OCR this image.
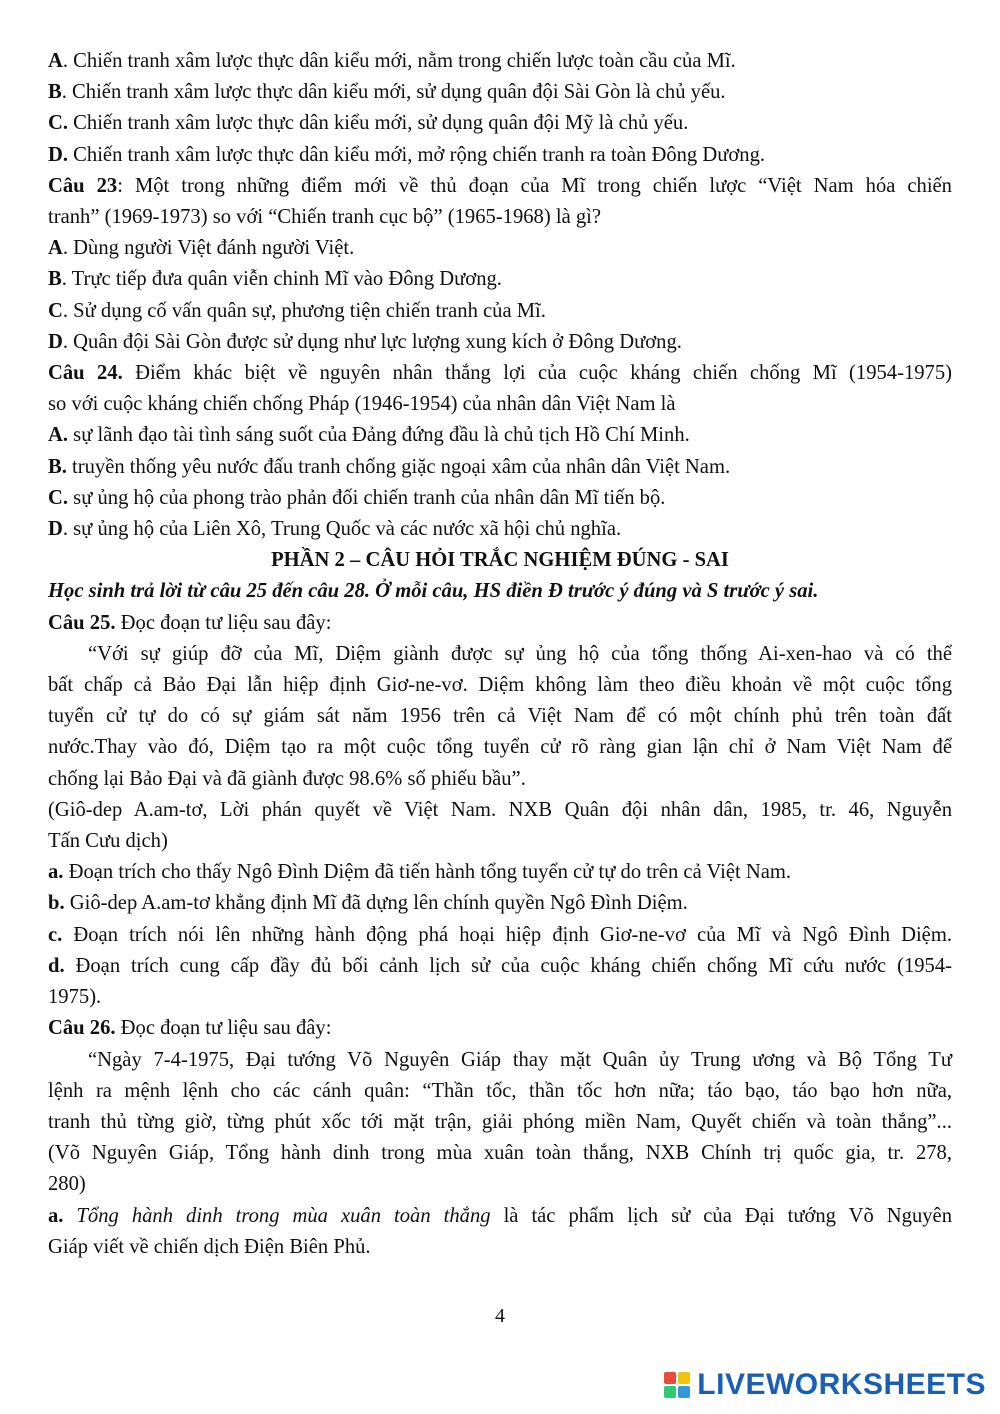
A. Chiến tranh xâm lược thực dân kiểu mới, nằm trong chiến lược toàn cầu của Mĩ.
B. Chiến tranh xâm lược thực dân kiểu mới, sử dụng quân đội Sài Gòn là chủ yếu.
C. Chiến tranh xâm lược thực dân kiểu mới, sử dụng quân đội Mỹ là chủ yếu.
D. Chiến tranh xâm lược thực dân kiểu mới, mở rộng chiến tranh ra toàn Đông Dương.
Câu 23: Một trong những điểm mới về thủ đoạn của Mĩ trong chiến lược “Việt Nam hóa chiến
tranh” (1969-1973) so với “Chiến tranh cục bộ” (1965-1968) là gì?
A. Dùng người Việt đánh người Việt.
B. Trực tiếp đưa quân viễn chinh Mĩ vào Đông Dương.
C. Sử dụng cố vấn quân sự, phương tiện chiến tranh của Mĩ.
D. Quân đội Sài Gòn được sử dụng như lực lượng xung kích ở Đông Dương.
Câu 24. Điểm khác biệt về nguyên nhân thắng lợi của cuộc kháng chiến chống Mĩ (1954-1975)
so với cuộc kháng chiến chống Pháp (1946-1954) của nhân dân Việt Nam là
A. sự lãnh đạo tài tình sáng suốt của Đảng đứng đầu là chủ tịch Hồ Chí Minh.
B. truyền thống yêu nước đấu tranh chống giặc ngoại xâm của nhân dân Việt Nam.
C. sự ủng hộ của phong trào phản đối chiến tranh của nhân dân Mĩ tiến bộ.
D. sự ủng hộ của Liên Xô, Trung Quốc và các nước xã hội chủ nghĩa.
PHẦN 2 – CÂU HỎI TRẮC NGHIỆM ĐÚNG - SAI
Học sinh trả lời từ câu 25 đến câu 28. Ở mỗi câu, HS điền Đ trước ý đúng và S trước ý sai.
Câu 25. Đọc đoạn tư liệu sau đây:
“Với sự giúp đỡ của Mĩ, Diệm giành được sự ủng hộ của tổng thống Ai-xen-hao và có thể
bất chấp cả Bảo Đại lẫn hiệp định Giơ-ne-vơ. Diệm không làm theo điều khoản về một cuộc tổng
tuyển cử tự do có sự giám sát năm 1956 trên cả Việt Nam để có một chính phủ trên toàn đất
nước.Thay vào đó, Diệm tạo ra một cuộc tổng tuyển cử rõ ràng gian lận chỉ ở Nam Việt Nam để
chống lại Bảo Đại và đã giành được 98.6% số phiếu bầu”.
(Giô-dep A.am-tơ, Lời phán quyết về Việt Nam. NXB Quân đội nhân dân, 1985, tr. 46, Nguyễn
Tấn Cưu dịch)
a. Đoạn trích cho thấy Ngô Đình Diệm đã tiến hành tổng tuyển cử tự do trên cả Việt Nam.
b. Giô-dep A.am-tơ khẳng định Mĩ đã dựng lên chính quyền Ngô Đình Diệm.
c. Đoạn trích nói lên những hành động phá hoại hiệp định Giơ-ne-vơ của Mĩ và Ngô Đình Diệm.
d. Đoạn trích cung cấp đầy đủ bối cảnh lịch sử của cuộc kháng chiến chống Mĩ cứu nước (1954-
1975).
Câu 26. Đọc đoạn tư liệu sau đây:
“Ngày 7-4-1975, Đại tướng Võ Nguyên Giáp thay mặt Quân ủy Trung ương và Bộ Tổng Tư
lệnh ra mệnh lệnh cho các cánh quân: “Thần tốc, thần tốc hơn nữa; táo bạo, táo bạo hơn nữa,
tranh thủ từng giờ, từng phút xốc tới mặt trận, giải phóng miền Nam, Quyết chiến và toàn thắng”...
(Võ Nguyên Giáp, Tổng hành dinh trong mùa xuân toàn thắng, NXB Chính trị quốc gia, tr. 278,
280)
a. Tổng hành dinh trong mùa xuân toàn thắng là tác phẩm lịch sử của Đại tướng Võ Nguyên
Giáp viết về chiến dịch Điện Biên Phủ.
4
LIVEWORKSHEETS
